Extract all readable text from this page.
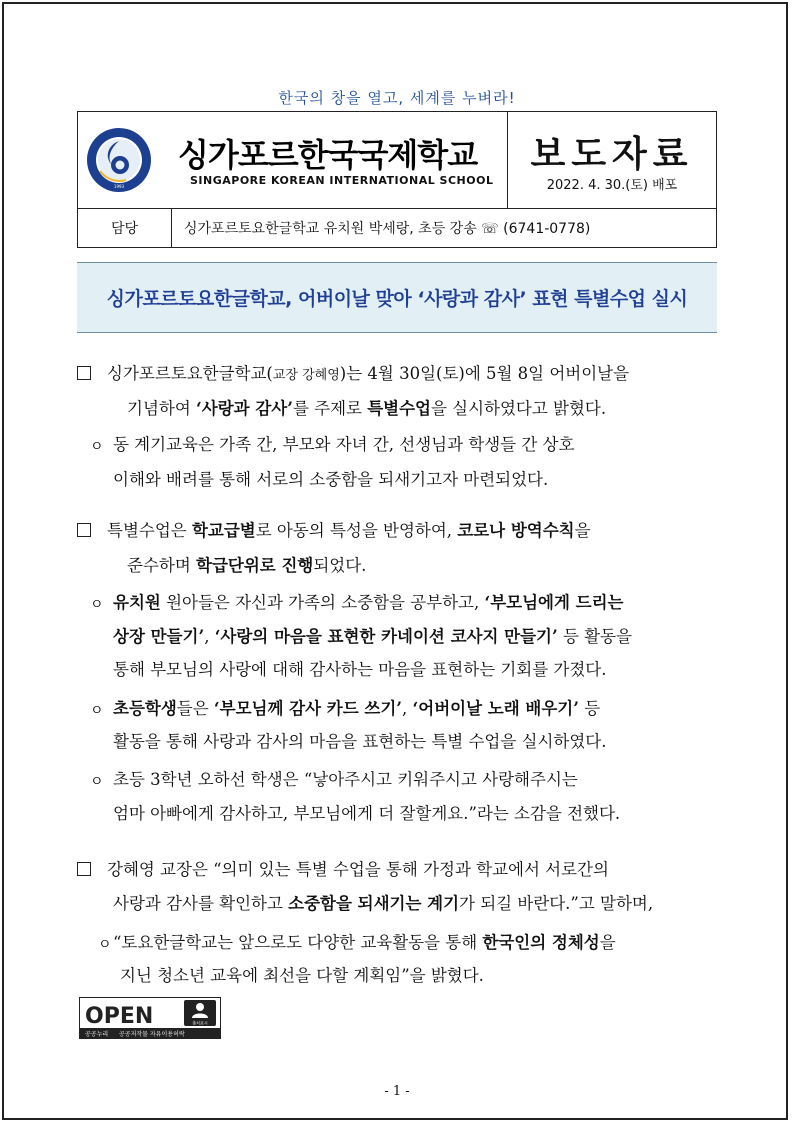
한국의 창을 열고, 세계를 누벼라!
1993
싱가포르한국국제학교
SINGAPORE KOREAN INTERNATIONAL SCHOOL

보도자료
2022. 4. 30.(토) 배포
담당	싱가포르토요한글학교 유치원 박세랑, 초등 강송 ☏ (6741-0778)
싱가포르토요한글학교, 어버이날 맞아 ‘사랑과 감사’ 표현 특별수업 실시
싱가포르토요한글학교(교장 강혜영)는 4월 30일(토)에 5월 8일 어버이날을
기념하여 ‘사랑과 감사’를 주제로 특별수업을 실시하였다고 밝혔다.
ㅇ 동 계기교육은 가족 간, 부모와 자녀 간, 선생님과 학생들 간 상호
이해와 배려를 통해 서로의 소중함을 되새기고자 마련되었다.
특별수업은 학교급별로 아동의 특성을 반영하여, 코로나 방역수칙을
준수하며 학급단위로 진행되었다.
ㅇ 유치원 원아들은 자신과 가족의 소중함을 공부하고, ‘부모님에게 드리는
상장 만들기’, ‘사랑의 마음을 표현한 카네이션 코사지 만들기’ 등 활동을
통해 부모님의 사랑에 대해 감사하는 마음을 표현하는 기회를 가졌다.
ㅇ 초등학생들은 ‘부모님께 감사 카드 쓰기’, ‘어버이날 노래 배우기’ 등
활동을 통해 사랑과 감사의 마음을 표현하는 특별 수업을 실시하였다.
ㅇ 초등 3학년 오하선 학생은 “낳아주시고 키워주시고 사랑해주시는
엄마 아빠에게 감사하고, 부모님에게 더 잘할게요.”라는 소감을 전했다.
강혜영 교장은 “의미 있는 특별 수업을 통해 가정과 학교에서 서로간의
사랑과 감사를 확인하고 소중함을 되새기는 계기가 되길 바란다.”고 말하며,
ㅇ “토요한글학교는 앞으로도 다양한 교육활동을 통해 한국인의 정체성을
지닌 청소년 교육에 최선을 다할 계획임”을 밝혔다.
OPEN	출처표시
공공누리 공공저작물 자유이용허락
- 1 -
